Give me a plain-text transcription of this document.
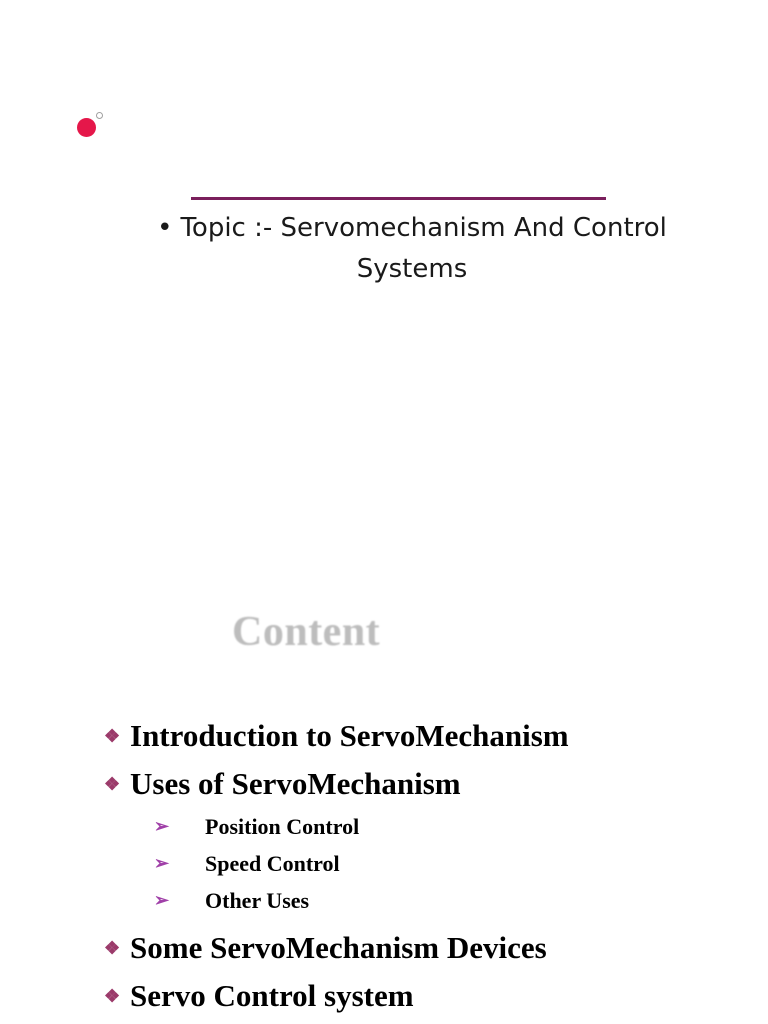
• Topic :- Servomechanism And Control
Systems
Content
❖ Introduction to ServoMechanism
❖ Uses of ServoMechanism
➢	Position Control
➢	Speed Control
➢	Other Uses
❖ Some ServoMechanism Devices
❖ Servo Control system
